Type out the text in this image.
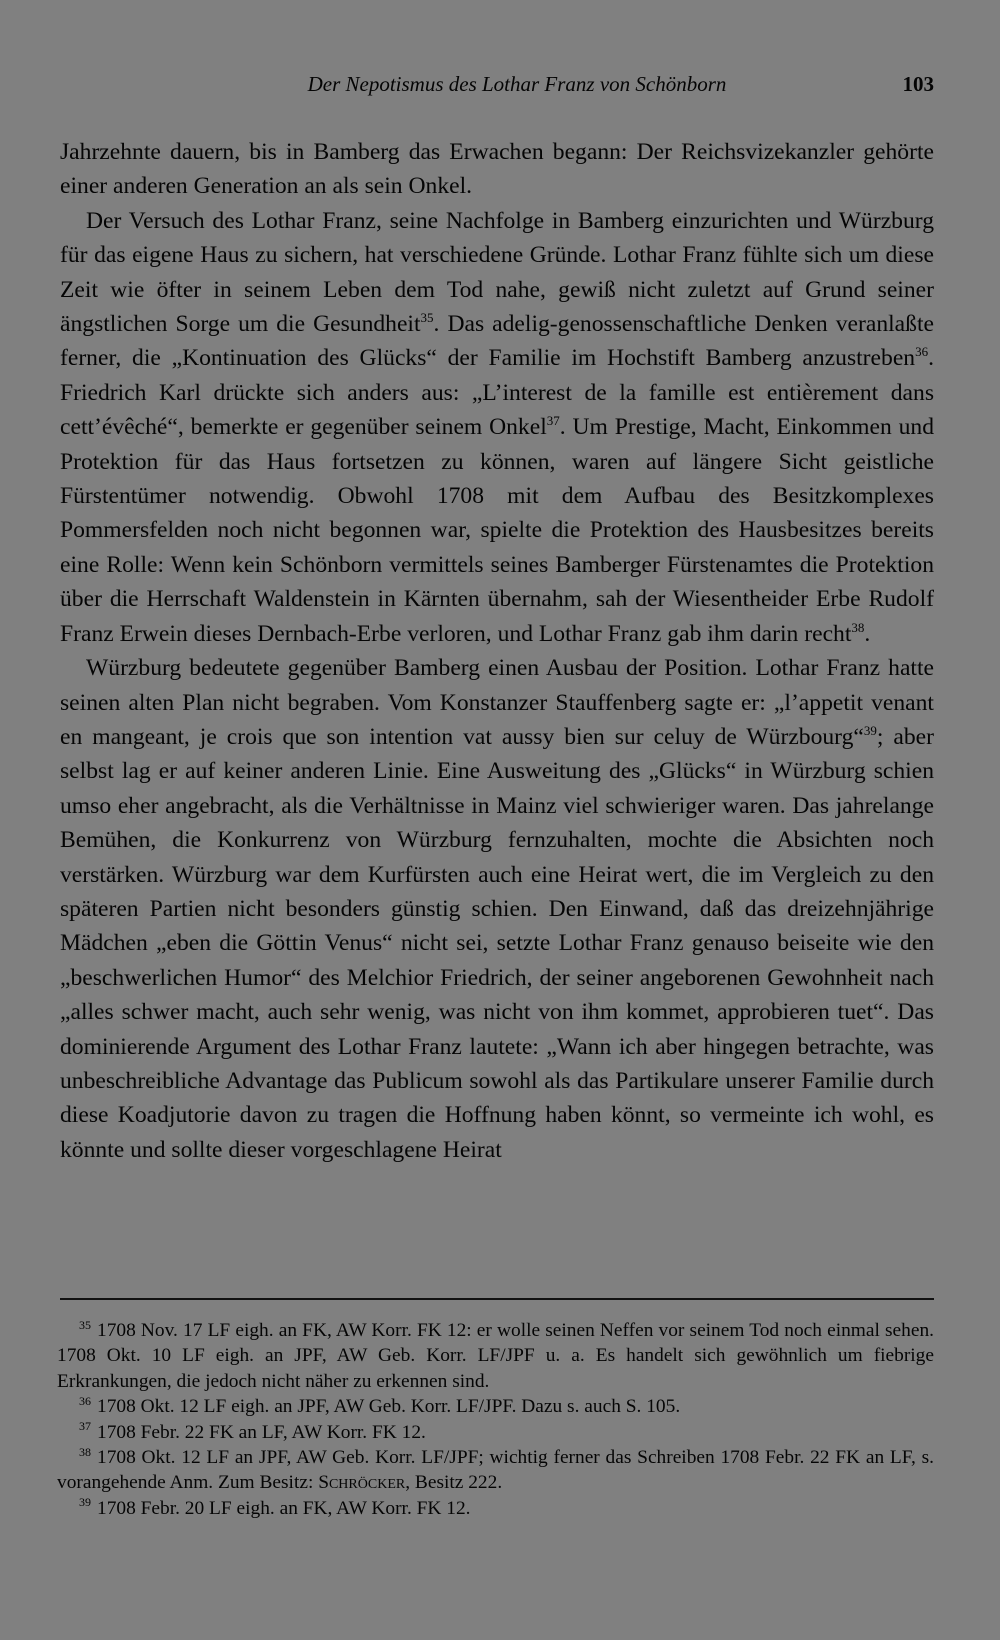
Der Nepotismus des Lothar Franz von Schönborn	103

Jahrzehnte dauern, bis in Bamberg das Erwachen begann: Der Reichsvizekanzler gehörte einer anderen Generation an als sein Onkel.

Der Versuch des Lothar Franz, seine Nachfolge in Bamberg einzurichten und Würzburg für das eigene Haus zu sichern, hat verschiedene Gründe. Lothar Franz fühlte sich um diese Zeit wie öfter in seinem Leben dem Tod nahe, gewiß nicht zuletzt auf Grund seiner ängstlichen Sorge um die Gesundheit$^{35}$. Das adelig-genossenschaftliche Denken veranlaßte ferner, die „Kontinuation des Glücks“ der Familie im Hochstift Bamberg anzustreben$^{36}$. Friedrich Karl drückte sich anders aus: „L’interest de la famille est entièrement dans cett’évêché“, bemerkte er gegenüber seinem Onkel$^{37}$. Um Prestige, Macht, Einkommen und Protektion für das Haus fortsetzen zu können, waren auf längere Sicht geistliche Fürstentümer notwendig. Obwohl 1708 mit dem Aufbau des Besitzkomplexes Pommersfelden noch nicht begonnen war, spielte die Protektion des Hausbesitzes bereits eine Rolle: Wenn kein Schönborn vermittels seines Bamberger Fürstenamtes die Protektion über die Herrschaft Waldenstein in Kärnten übernahm, sah der Wiesentheider Erbe Rudolf Franz Erwein dieses Dernbach-Erbe verloren, und Lothar Franz gab ihm darin recht$^{38}$.

Würzburg bedeutete gegenüber Bamberg einen Ausbau der Position. Lothar Franz hatte seinen alten Plan nicht begraben. Vom Konstanzer Stauffenberg sagte er: „l’appetit venant en mangeant, je crois que son intention vat aussy bien sur celuy de Würzbourg“$^{39}$; aber selbst lag er auf keiner anderen Linie. Eine Ausweitung des „Glücks“ in Würzburg schien umso eher angebracht, als die Verhältnisse in Mainz viel schwieriger waren. Das jahrelange Bemühen, die Konkurrenz von Würzburg fernzuhalten, mochte die Absichten noch verstärken. Würzburg war dem Kurfürsten auch eine Heirat wert, die im Vergleich zu den späteren Partien nicht besonders günstig schien. Den Einwand, daß das dreizehnjährige Mädchen „eben die Göttin Venus“ nicht sei, setzte Lothar Franz genauso beiseite wie den „beschwerlichen Humor“ des Melchior Friedrich, der seiner angeborenen Gewohnheit nach „alles schwer macht, auch sehr wenig, was nicht von ihm kommet, approbieren tuet“. Das dominierende Argument des Lothar Franz lautete: „Wann ich aber hingegen betrachte, was unbeschreibliche Advantage das Publicum sowohl als das Partikulare unserer Familie durch diese Koadjutorie davon zu tragen die Hoffnung haben könnt, so vermeinte ich wohl, es könnte und sollte dieser vorgeschlagene Heirat

$^{35}$ 1708 Nov. 17 LF eigh. an FK, AW Korr. FK 12: er wolle seinen Neffen vor seinem Tod noch einmal sehen. 1708 Okt. 10 LF eigh. an JPF, AW Geb. Korr. LF/JPF u. a. Es handelt sich gewöhnlich um fiebrige Erkrankungen, die jedoch nicht näher zu erkennen sind.

$^{36}$ 1708 Okt. 12 LF eigh. an JPF, AW Geb. Korr. LF/JPF. Dazu s. auch S. 105.

$^{37}$ 1708 Febr. 22 FK an LF, AW Korr. FK 12.

$^{38}$ 1708 Okt. 12 LF an JPF, AW Geb. Korr. LF/JPF; wichtig ferner das Schreiben 1708 Febr. 22 FK an LF, s. vorangehende Anm. Zum Besitz: Schröcker, Besitz 222.

$^{39}$ 1708 Febr. 20 LF eigh. an FK, AW Korr. FK 12.
